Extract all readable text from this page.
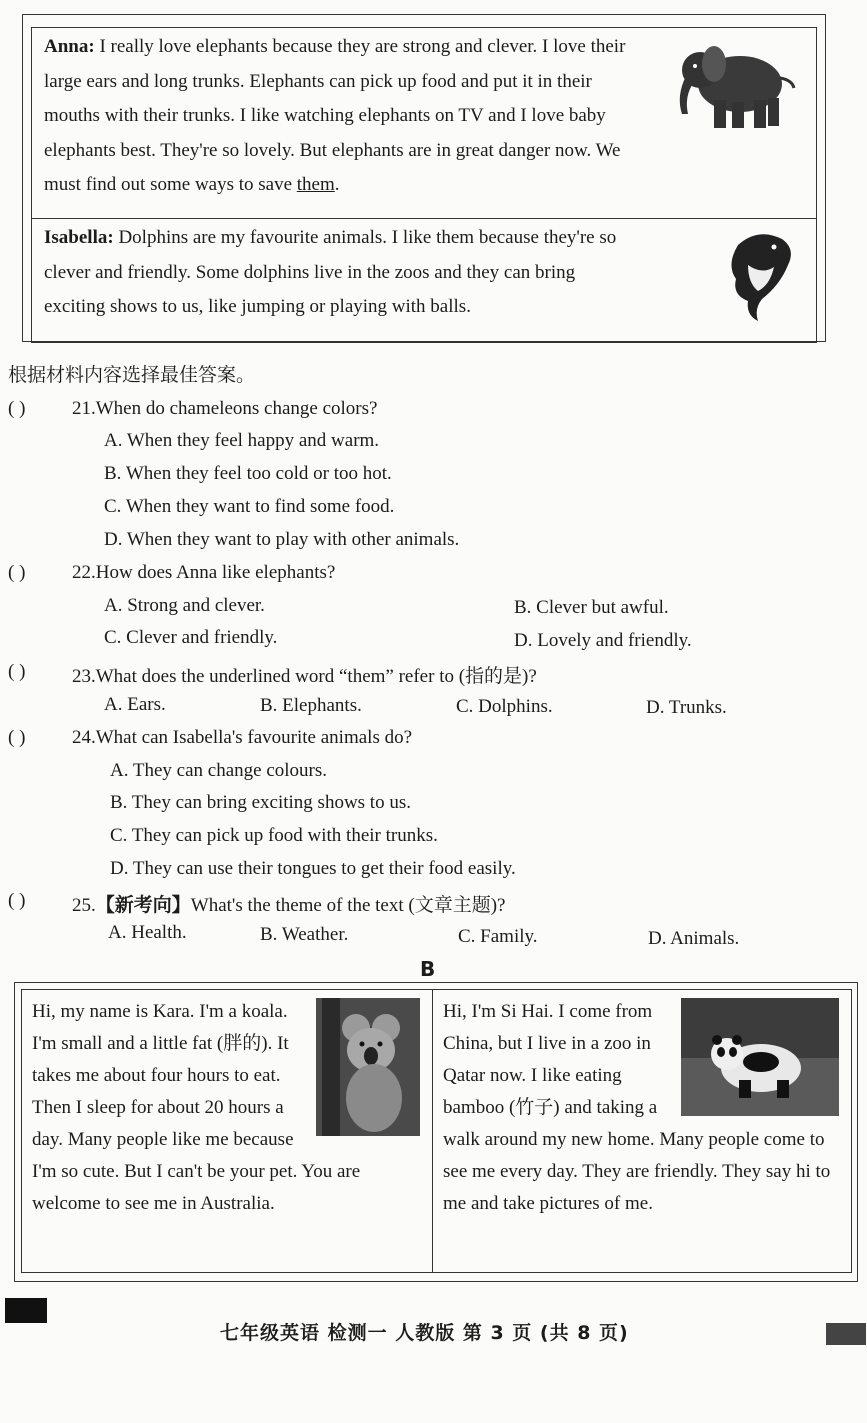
Anna: I really love elephants because they are strong and clever. I love their large ears and long trunks. Elephants can pick up food and put it in their mouths with their trunks. I like watching elephants on TV and I love baby elephants best. They're so lovely. But elephants are in great danger now. We must find out some ways to save them.
Isabella: Dolphins are my favourite animals. I like them because they're so clever and friendly. Some dolphins live in the zoos and they can bring exciting shows to us, like jumping or playing with balls.
根据材料内容选择最佳答案。
( ) 21.When do chameleons change colors?
A. When they feel happy and warm.
B. When they feel too cold or too hot.
C. When they want to find some food.
D. When they want to play with other animals.
( ) 22.How does Anna like elephants?
A. Strong and clever.	B. Clever but awful.
C. Clever and friendly.	D. Lovely and friendly.
( ) 23.What does the underlined word “them” refer to (指的是)?
A. Ears.	B. Elephants.	C. Dolphins.	D. Trunks.
( ) 24.What can Isabella's favourite animals do?
A. They can change colours.
B. They can bring exciting shows to us.
C. They can pick up food with their trunks.
D. They can use their tongues to get their food easily.
( ) 25.【新考向】What's the theme of the text (文章主题)?
A. Health.	B. Weather.	C. Family.	D. Animals.
B
Hi, my name is Kara. I'm a koala. I'm small and a little fat (胖的). It takes me about four hours to eat. Then I sleep for about 20 hours a day. Many people like me because I'm so cute. But I can't be your pet. You are welcome to see me in Australia.
Hi, I'm Si Hai. I come from China, but I live in a zoo in Qatar now. I like eating bamboo (竹子) and taking a walk around my new home. Many people come to see me every day. They are friendly. They say hi to me and take pictures of me.
七年级英语 检测一 人教版 第 3 页 (共 8 页)
